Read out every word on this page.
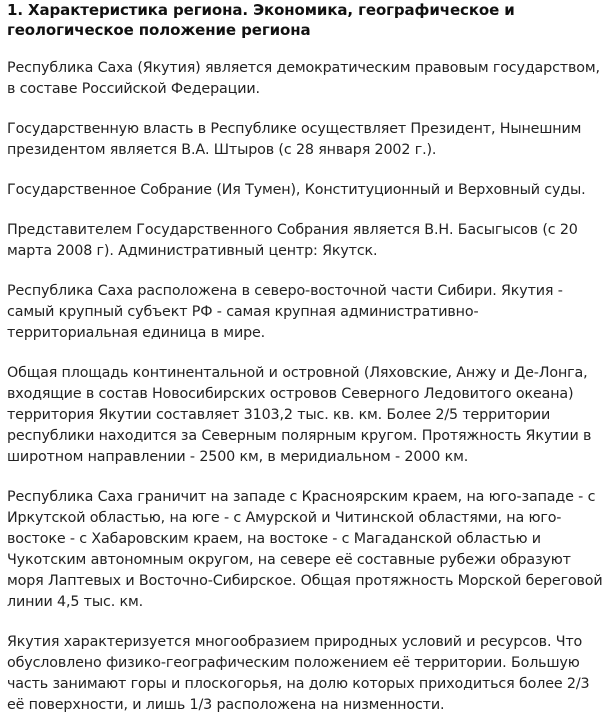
1. Характеристика региона. Экономика, географическое и геологическое положение региона

Республика Саха (Якутия) является демократическим правовым государством, в составе Российской Федерации.

Государственную власть в Республике осуществляет Президент, Нынешним президентом является В.А. Штыров (с 28 января 2002 г.).

Государственное Собрание (Ия Тумен), Конституционный и Верховный суды.

Представителем Государственного Собрания является В.Н. Басыгысов (с 20 марта 2008 г). Административный центр: Якутск.

Республика Саха расположена в северо-восточной части Сибири. Якутия - самый крупный субъект РФ - самая крупная административно-территориальная единица в мире.

Общая площадь континентальной и островной (Ляховские, Анжу и Де-Лонга, входящие в состав Новосибирских островов Северного Ледовитого океана) территория Якутии составляет 3103,2 тыс. кв. км. Более 2/5 территории республики находится за Северным полярным кругом. Протяжность Якутии в широтном направлении - 2500 км, в меридиальном - 2000 км.

Республика Саха граничит на западе с Красноярским краем, на юго-западе - с Иркутской областью, на юге - с Амурской и Читинской областями, на юго-востоке - с Хабаровским краем, на востоке - с Магаданской областью и Чукотским автономным округом, на севере её составные рубежи образуют моря Лаптевых и Восточно-Сибирское. Общая протяжность Морской береговой линии 4,5 тыс. км.

Якутия характеризуется многообразием природных условий и ресурсов. Что обусловлено физико-географическим положением её территории. Большую часть занимают горы и плоскогорья, на долю которых приходиться более 2/3 её поверхности, и лишь 1/3 расположена на низменности.
